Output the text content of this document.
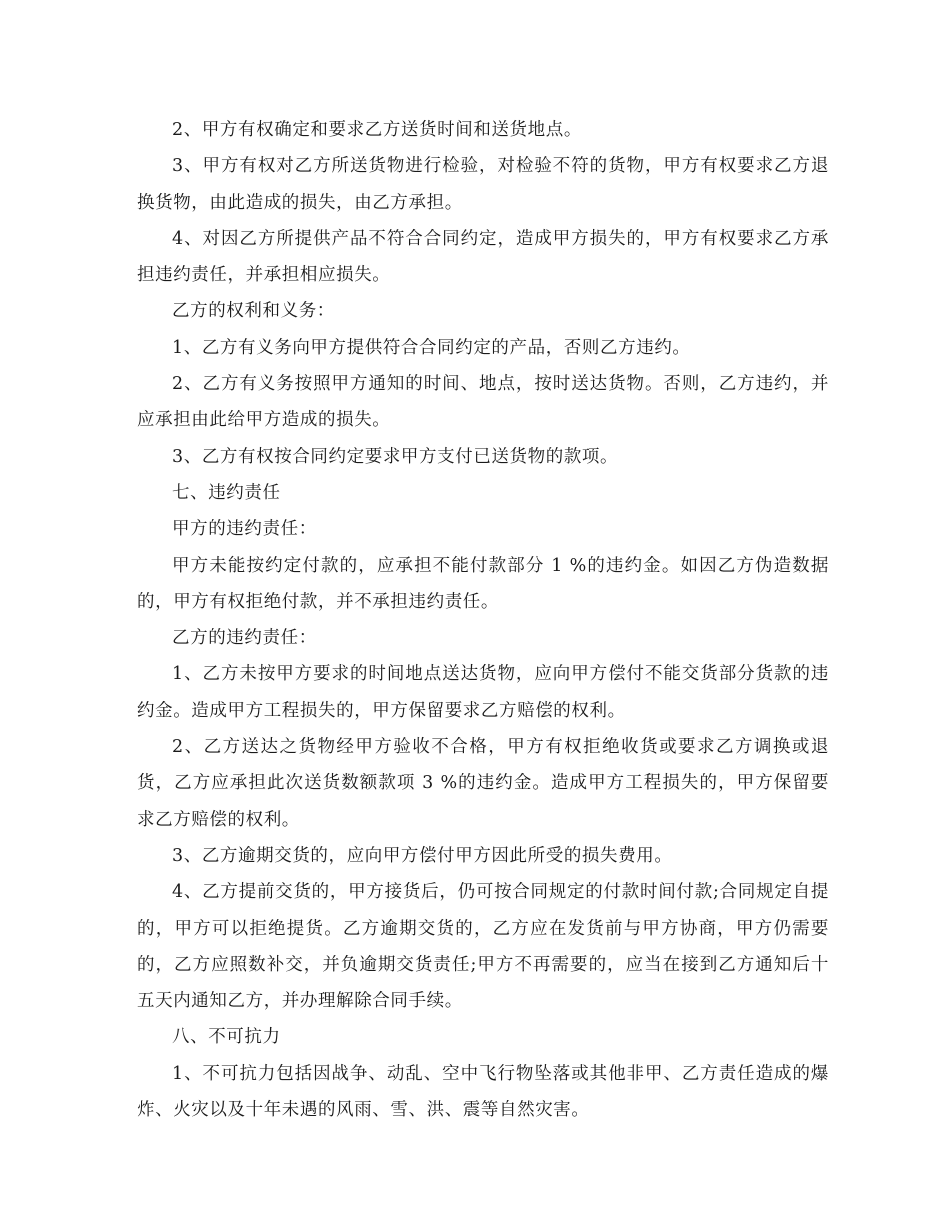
2、甲方有权确定和要求乙方送货时间和送货地点。

3、甲方有权对乙方所送货物进行检验，对检验不符的货物，甲方有权要求乙方退换货物，由此造成的损失，由乙方承担。

4、对因乙方所提供产品不符合合同约定，造成甲方损失的，甲方有权要求乙方承担违约责任，并承担相应损失。

乙方的权利和义务：

1、乙方有义务向甲方提供符合合同约定的产品，否则乙方违约。

2、乙方有义务按照甲方通知的时间、地点，按时送达货物。否则，乙方违约，并应承担由此给甲方造成的损失。

3、乙方有权按合同约定要求甲方支付已送货物的款项。

七、违约责任

甲方的违约责任：

甲方未能按约定付款的，应承担不能付款部分 1 %的违约金。如因乙方伪造数据的，甲方有权拒绝付款，并不承担违约责任。

乙方的违约责任：

1、乙方未按甲方要求的时间地点送达货物，应向甲方偿付不能交货部分货款的违约金。造成甲方工程损失的，甲方保留要求乙方赔偿的权利。

2、乙方送达之货物经甲方验收不合格，甲方有权拒绝收货或要求乙方调换或退货，乙方应承担此次送货数额款项 3 %的违约金。造成甲方工程损失的，甲方保留要求乙方赔偿的权利。

3、乙方逾期交货的，应向甲方偿付甲方因此所受的损失费用。

4、乙方提前交货的，甲方接货后，仍可按合同规定的付款时间付款;合同规定自提的，甲方可以拒绝提货。乙方逾期交货的，乙方应在发货前与甲方协商，甲方仍需要的，乙方应照数补交，并负逾期交货责任;甲方不再需要的，应当在接到乙方通知后十五天内通知乙方，并办理解除合同手续。

八、不可抗力

1、不可抗力包括因战争、动乱、空中飞行物坠落或其他非甲、乙方责任造成的爆炸、火灾以及十年未遇的风雨、雪、洪、震等自然灾害。
